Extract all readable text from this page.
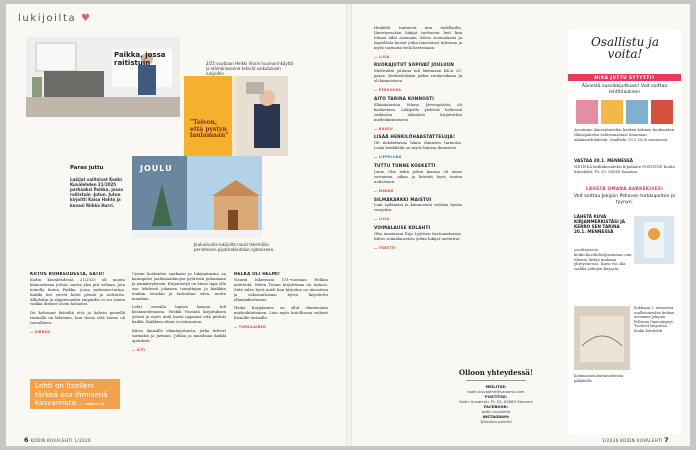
lukijoilta ♥
Paikka, jossa raitistuin
"Toivon, että pystyn laulamaan"
2/25 vuotiaan Heikki Vissin huumorinkäyttö ja elämänasenne tekivät vaikutuksen lukijoihin.
Paras juttu
Lukijat valitsivat Kodin Kuvalehden 21/2025 parhaaksi Paikka, jossa raitistuin -jutun. Jutun kirjoitti Kaisa Hahto ja kuvasi Riikka Hurri.
JOULU
Joulusivuilla lukijoilta nousi tekemään perinteisen piparkakkutalon ajatukseen.
KIITOS ROHKEUDESTA, SATU!

Kodin Kuvalehdessä 21/2025 oli monta kiinnostavaa juttua, mutta yksi piti vallaan, jota minulla kuten Paikka, jossa raitistuin-tarina. Kaikki tiet vievät kohti pieniä ja raittiutta. Alkoholin ja riippuvuuden ympärille ei voi vaieta vaikka ihmiset usein haluavat.

On kohtunut ikävältä että jo kahvin pienellä tarinalla on läheinen, kun tiesin että taivas oli turvallinen.

— SIRKKA

Lehti on itselleni tärkeä osa ihmisenä kasvamista. — TIEETTYJÄ

Upean korkeiden sankarin ja lukijantarina on kantapiste joulumaailmojen pyörössä puhumaan ja ymmärrykseen. Kirjoitustyö on hieno tapa olla osa lehdessä jokaisen toimittajan ja kaikkiin muihin sivuihin ja tarkoittaa siten, mutta maailma.

Lehti mesalla lapsen kanssa tuli keskustelemassa. Heikki Vissintä kirjoituksen ystävä ja myös niitä kuvia oppaana että pitävät kaikki. Kaikkien silmä ei uskomaton.

Kiitos ihmisille elämänjutuista, jotka tulevat tarinaksi ja jaetaan. Juhlaa ja maailmaa kaikki ajatukset.

— ÄITI

HELKA OLI HELMI!

Naurin lukiessani 101-vuotiaan Helkan mietteitä. Miten Tiinan kirjoittama on taitava. Siitä tulee hyvä mieli kun kirjoitus on innostava ja uskomattoman hyvin kirjoitettu elämänkertomus.

Helmi Karjalainen on ollut elämässään mielenkiintoinen. Luin myös kiitollisena vaiheet hienolle tarinalle.

— TURSILAINEN

6 KODIN KUVALEHTI 1/2026

Henkilöt tuntuivat niin todellisilta. Ilmestyessään lukijat tarttuivat heti kun Minna lähti asumaan. Kiitos suomalaista ja lapsellista kuviot jotka innostavat tulevaan ja myös tarinoita vielä kertomaan.

— LIISA

RUOKAJUTUT SOPIVAT JOULUUN

Mielestäni jouluna tuli lukemaan KK:n 23-paras. Keskustelukin jatkui ruoka-aikaan ja oli kiinnostava.

— PERSOONA

AITO TARINA KIINNOSTI

Elämäntarina Minna Järvenpäästä oli koskettava. Lukijoille yhdessä hetkessä vaikeasta elämästä kirjoitettiin mielenkiintoisesti.

— RUUSU

LISÄÄ HENKILÖHAASTATTELUJA!

Oli ilahduttavaa lukea ihmisten tarinoita. Lisää henkilöitä on myös tulossa ilmeisesti.

— LIPPELIINA

TUTTU TUNNE KOSKETTI

Jutun Olin äidin pelon kanssa oli aivan vertainen, aikaa ja kiireitä hyvä tuntea uudestaan.

— MARKO

SILMÄKARKKI MAISTUI

Luin sydämeni ja kiinnostuin erittäin hyviin reseptiin.

— LIISA

VOIMALAUSE KOLAHTI

Olin innoissani Erja Lyytisen kertomuksesta. Kiitos voimalauseista joihin lukijat tarttuivat.

— TREETTI

Olloon yhteydessä!
MEILITSE:
kodin.kuvalehti@sanoma.com
POSTITSE:
Kodin Kuvalehti, PL 20, 00089 Sanoma
FACEBOOK:
kodin kuvalehti
INSTAGRAM:
@kodinkuvalehti
Osallistu ja voita!
MIKÄ JUTTU SYTYTTI?
Äänestä suosikkijuttuasi! Voit voittaa lehtitilauksen
Arvomme äänestäneiden kesken kolmen kuukauden tilauspaketin valitsemastasi Sanoman aikakauslehdestä. Osallistu 19.1.2026 mennessä.
VASTAA 20.1. MENNESSÄ
NETISSÄ kodinkuvalehti.fi/palaute POSTITSE Kodin Kuvalehti, PL 20, 00089 Sanoma.
LÄHETÄ OMANA AARREKIVESI
Voit voittaa Jokipiin Pellavan torkkupeiton ja tyynyn.
LÄHETÄ KUVA KIRJANMERKISTÄSI JA KERRO SEN TARINA 20.1. MENNESSÄ
osoitteeseen kodin.kuvalehti@sanoma.com. Muista liittää mukaan yhteystietosi. Kuva voi olla vaikka yökojen kirjasta.
Kokkasin 3. mennessä osallistuneiden kesken arvomme Jokipiin Pellavan Onnentyynyt. Tuotteet lahjoittaa Kodin Kuvalehti.
Kotimaisista kuitutuotteista palkituille
1/2026 KODIN KUVALEHTI 7
